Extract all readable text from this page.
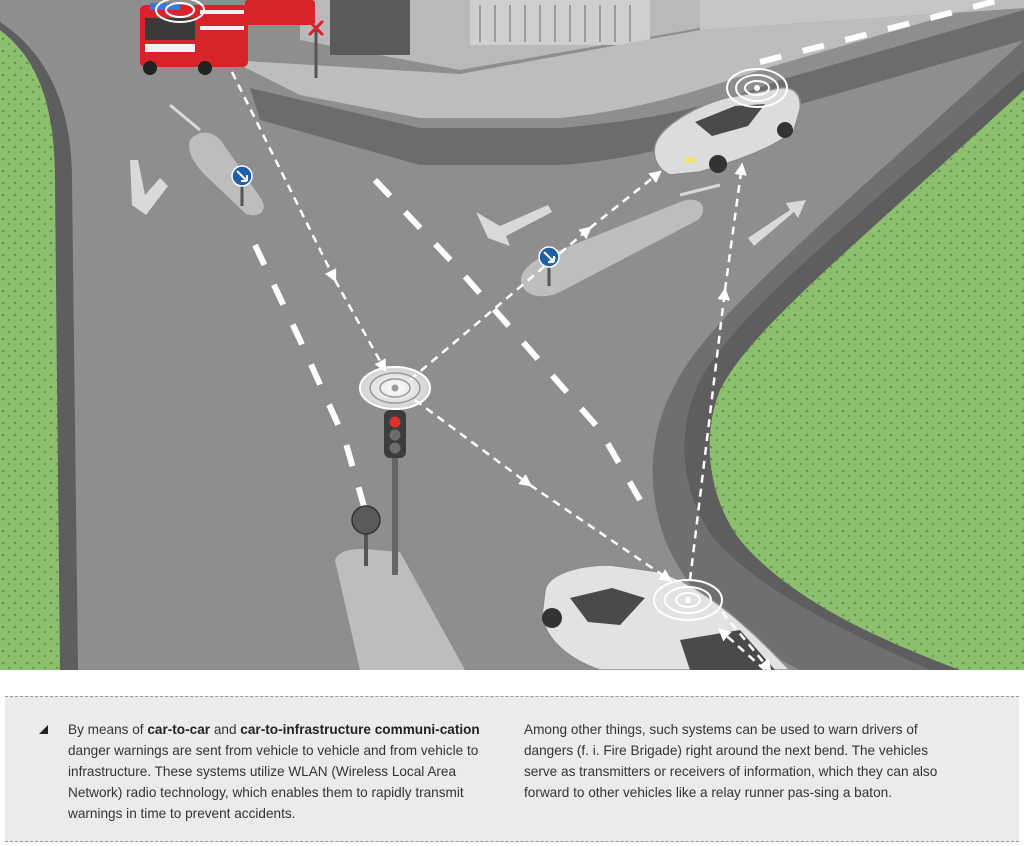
By means of car-to-car and car-to-infrastructure communi-cation danger warnings are sent from vehicle to vehicle and from vehicle to infrastructure. These systems utilize WLAN (Wireless Local Area Network) radio technology, which enables them to rapidly transmit warnings in time to prevent accidents.

Among other things, such systems can be used to warn drivers of dangers (f. i. Fire Brigade) right around the next bend. The vehicles serve as transmitters or receivers of information, which they can also forward to other vehicles like a relay runner pas-sing a baton.
